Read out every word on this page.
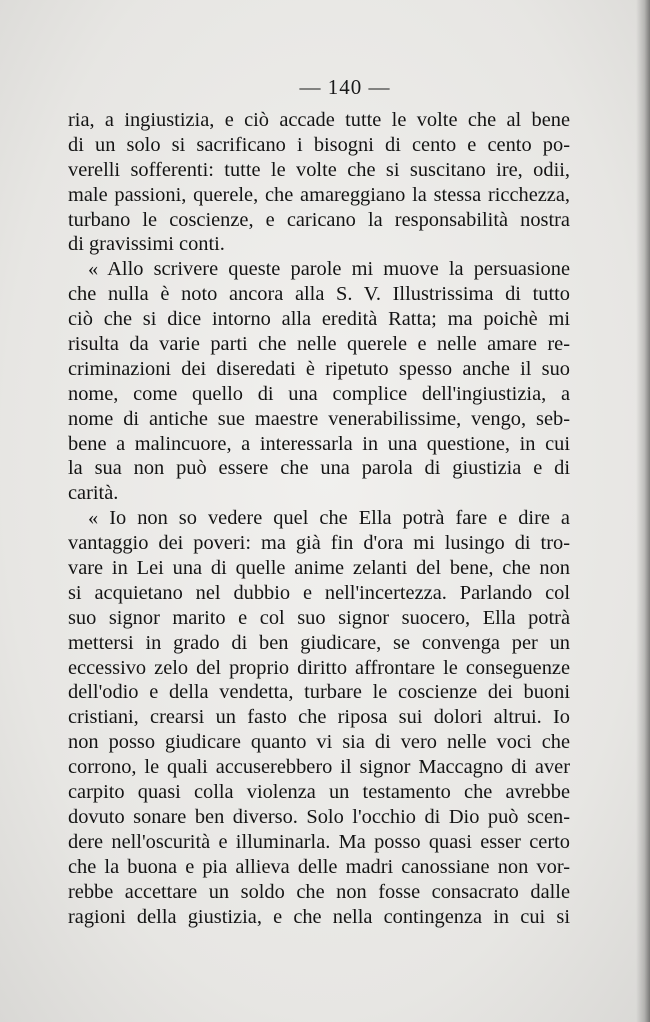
— 140 —
ria, a ingiustizia, e ciò accade tutte le volte che al bene
di un solo si sacrificano i bisogni di cento e cento po-
verelli sofferenti: tutte le volte che si suscitano ire, odii,
male passioni, querele, che amareggiano la stessa ricchezza,
turbano le coscienze, e caricano la responsabilità nostra
di gravissimi conti.
« Allo scrivere queste parole mi muove la persuasione
che nulla è noto ancora alla S. V. Illustrissima di tutto
ciò che si dice intorno alla eredità Ratta; ma poichè mi
risulta da varie parti che nelle querele e nelle amare re-
criminazioni dei diseredati è ripetuto spesso anche il suo
nome, come quello di una complice dell'ingiustizia, a
nome di antiche sue maestre venerabilissime, vengo, seb-
bene a malincuore, a interessarla in una questione, in cui
la sua non può essere che una parola di giustizia e di
carità.
« Io non so vedere quel che Ella potrà fare e dire a
vantaggio dei poveri: ma già fin d'ora mi lusingo di tro-
vare in Lei una di quelle anime zelanti del bene, che non
si acquietano nel dubbio e nell'incertezza. Parlando col
suo signor marito e col suo signor suocero, Ella potrà
mettersi in grado di ben giudicare, se convenga per un
eccessivo zelo del proprio diritto affrontare le conseguenze
dell'odio e della vendetta, turbare le coscienze dei buoni
cristiani, crearsi un fasto che riposa sui dolori altrui. Io
non posso giudicare quanto vi sia di vero nelle voci che
corrono, le quali accuserebbero il signor Maccagno di aver
carpito quasi colla violenza un testamento che avrebbe
dovuto sonare ben diverso. Solo l'occhio di Dio può scen-
dere nell'oscurità e illuminarla. Ma posso quasi esser certo
che la buona e pia allieva delle madri canossiane non vor-
rebbe accettare un soldo che non fosse consacrato dalle
ragioni della giustizia, e che nella contingenza in cui si
